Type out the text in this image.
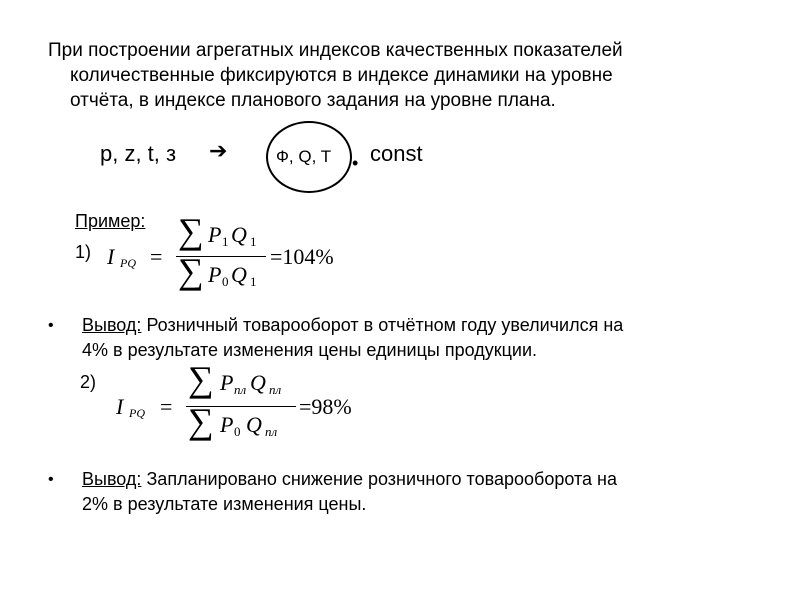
При построении агрегатных индексов качественных показателей
количественные фиксируются в индексе динамики на уровне
отчёта, в индексе планового задания на уровне плана.
p, z, t, з ➔	Ф, Q, T • const
Пример:
1) I PQ =
∑ P 1 Q 1
∑ P 0 Q 1
=104%
• Вывод: Розничный товарооборот в отчётном году увеличился на
4% в результате изменения цены единицы продукции.
2)
I PQ =
∑ P пл Q пл
∑ P 0 Q пл
=98%
• Вывод: Запланировано снижение розничного товарооборота на
2% в результате изменения цены.
